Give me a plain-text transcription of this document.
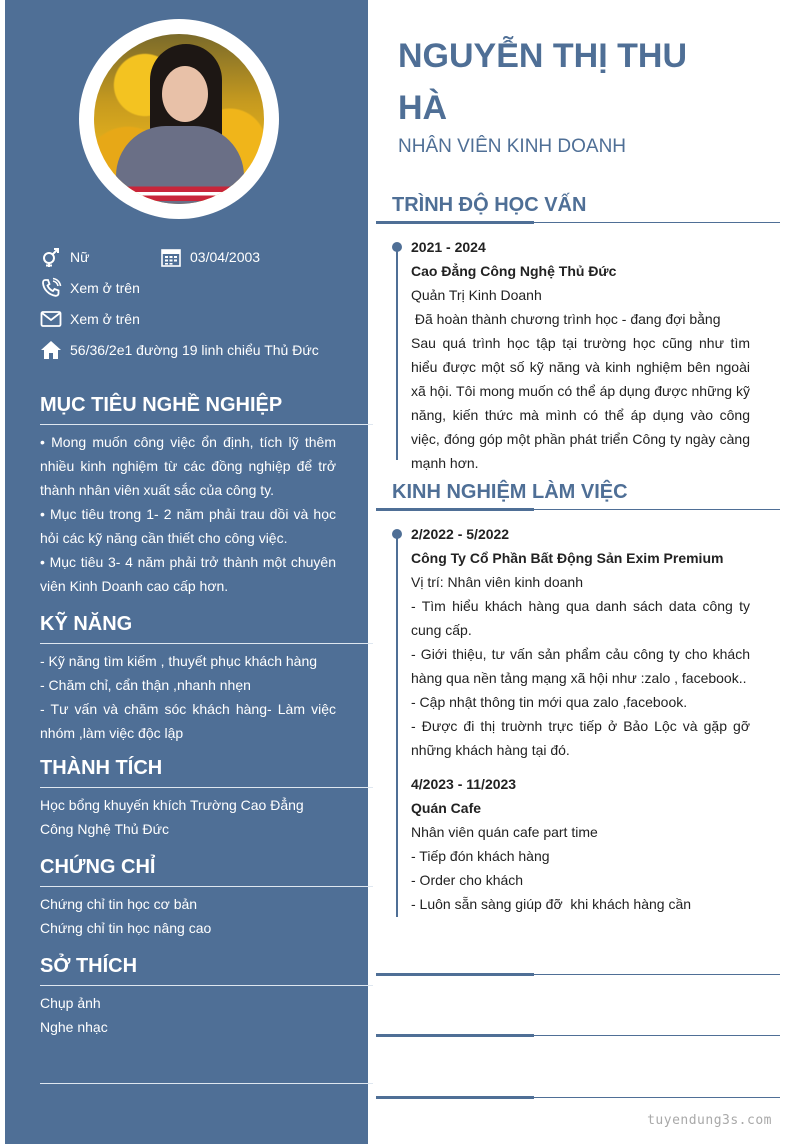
Nữ	03/04/2003
Xem ở trên
Xem ở trên
56/36/2e1 đường 19 linh chiểu Thủ Đức
MỤC TIÊU NGHỀ NGHIỆP
• Mong muốn công việc ổn định, tích lỹ thêm nhiều kinh nghiệm từ các đồng nghiệp để trở thành nhân viên xuất sắc của công ty.
• Mục tiêu trong 1- 2 năm phải trau dồi và học hỏi các kỹ năng cần thiết cho công việc.
• Mục tiêu 3- 4 năm phải trở thành một chuyên viên Kinh Doanh cao cấp hơn.
KỸ NĂNG
- Kỹ năng tìm kiếm , thuyết phục khách hàng
- Chăm chỉ, cẩn thận ,nhanh nhẹn
- Tư vấn và chăm sóc khách hàng- Làm việc nhóm ,làm việc độc lập
THÀNH TÍCH
Học bổng khuyến khích Trường Cao Đẳng Công Nghệ Thủ Đức
CHỨNG CHỈ
Chứng chỉ tin học cơ bản
Chứng chỉ tin học nâng cao
SỞ THÍCH
Chụp ảnh
Nghe nhạc
NGUYỄN THỊ THU HÀ
NHÂN VIÊN KINH DOANH
TRÌNH ĐỘ HỌC VẤN
2021 - 2024
Cao Đẳng Công Nghệ Thủ Đức
Quản Trị Kinh Doanh
Đã hoàn thành chương trình học - đang đợi bằng
Sau quá trình học tập tại trường học cũng như tìm hiểu được một số kỹ năng và kinh nghiệm bên ngoài xã hội. Tôi mong muốn có thể áp dụng được những kỹ năng, kiến thức mà mình có thể áp dụng vào công việc, đóng góp một phần phát triển Công ty ngày càng mạnh hơn.
KINH NGHIỆM LÀM VIỆC
2/2022 - 5/2022
Công Ty Cổ Phần Bất Động Sản Exim Premium
Vị trí: Nhân viên kinh doanh
- Tìm hiểu khách hàng qua danh sách data công ty cung cấp.
- Giới thiệu, tư vấn sản phẩm cảu công ty cho khách hàng qua nền tảng mạng xã hội như :zalo , facebook..
- Cập nhật thông tin mới qua zalo ,facebook.
- Được đi thị truờnh trực tiếp ở Bảo Lộc và gặp gỡ những khách hàng tại đó.
4/2023 - 11/2023
Quán Cafe
Nhân viên quán cafe part time
- Tiếp đón khách hàng
- Order cho khách
- Luôn sẵn sàng giúp đỡ  khi khách hàng cần
tuyendung3s.com
